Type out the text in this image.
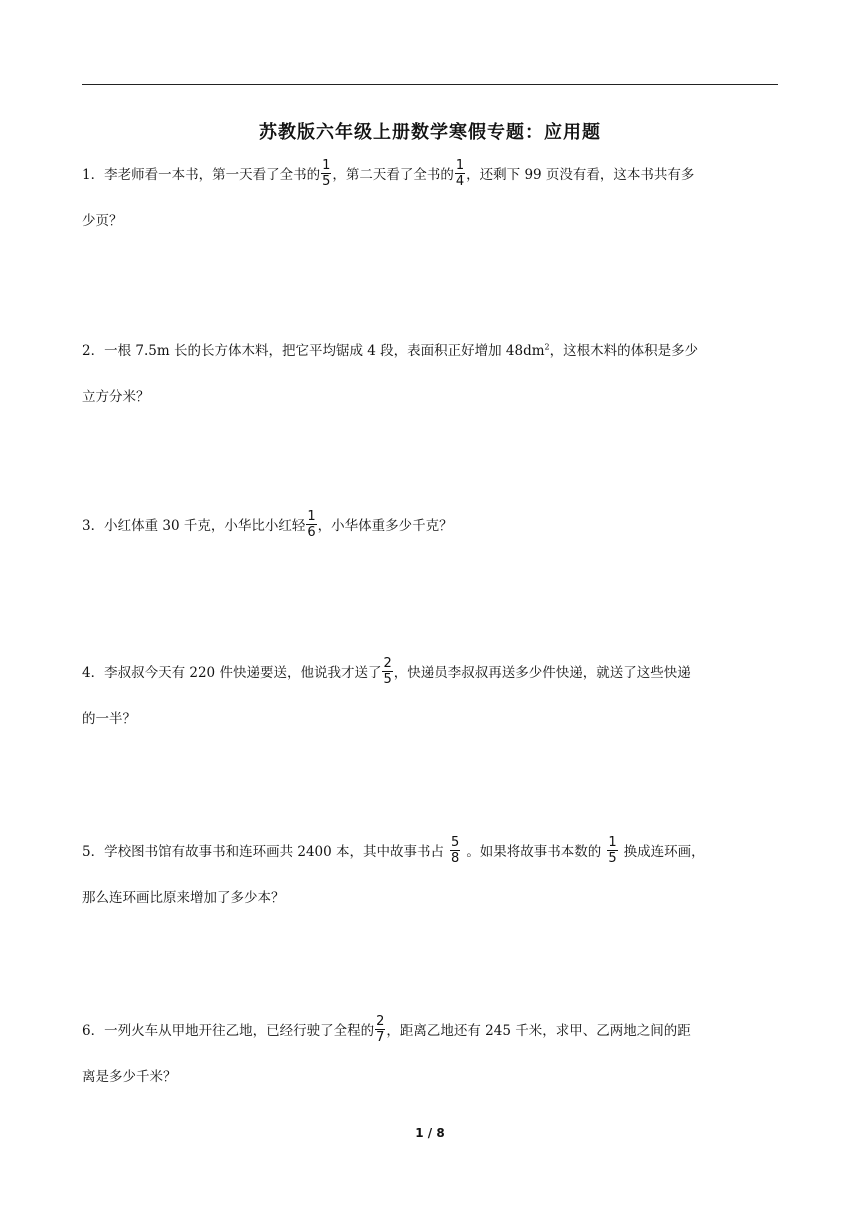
苏教版六年级上册数学寒假专题：应用题
1．李老师看一本书，第一天看了全书的 $\frac{1}{5}$ ，第二天看了全书的 $\frac{1}{4}$ ，还剩下 99 页没有看，这本书共有多
少页？
2．一根 7.5m 长的长方体木料，把它平均锯成 4 段，表面积正好增加 $48dm^2$，这根木料的体积是多少
立方分米？
3．小红体重 30 千克，小华比小红轻 $\frac{1}{6}$ ，小华体重多少千克？
4．李叔叔今天有 220 件快递要送，他说我才送了 $\frac{2}{5}$ ，快递员李叔叔再送多少件快递，就送了这些快递
的一半？
5．学校图书馆有故事书和连环画共 2400 本，其中故事书占 $\frac{5}{8}$ 。如果将故事书本数的 $\frac{1}{5}$ 换成连环画，
那么连环画比原来增加了多少本？
6．一列火车从甲地开往乙地，已经行驶了全程的 $\frac{2}{7}$ ，距离乙地还有 245 千米，求甲、乙两地之间的距
离是多少千米？
1 / 8
